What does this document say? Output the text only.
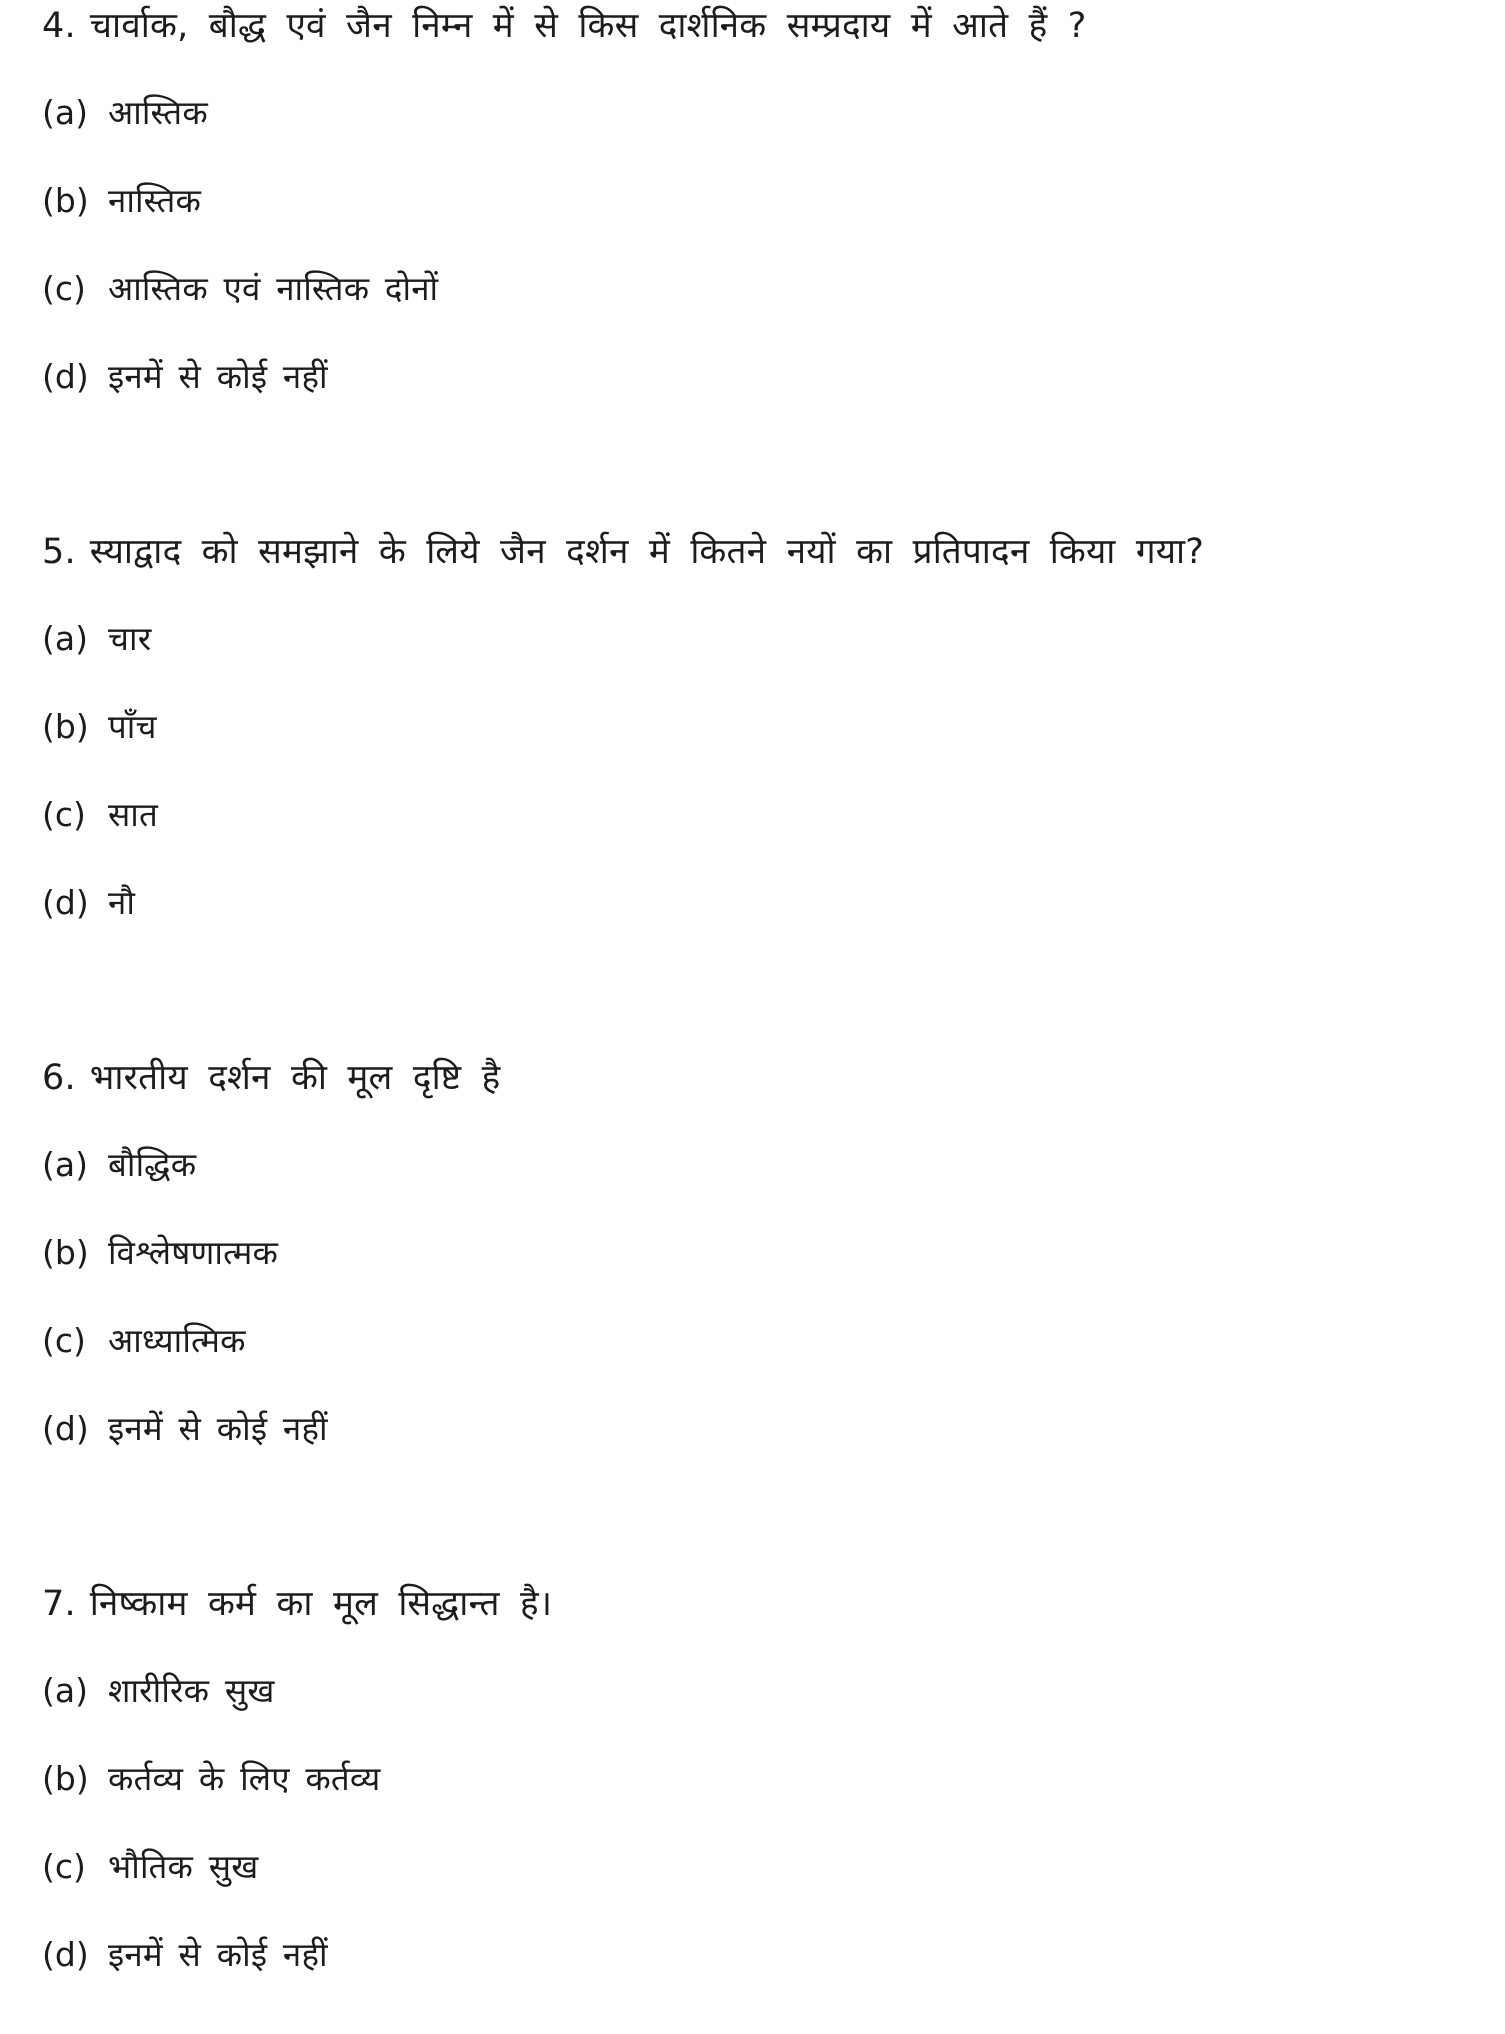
4. चार्वाक, बौद्ध एवं जैन निम्न में से किस दार्शनिक सम्प्रदाय में आते हैं ?
(a) आस्तिक
(b) नास्तिक
(c) आस्तिक एवं नास्तिक दोनों
(d) इनमें से कोई नहीं
5. स्याद्वाद को समझाने के लिये जैन दर्शन में कितने नयों का प्रतिपादन किया गया?
(a) चार
(b) पाँच
(c) सात
(d) नौ
6. भारतीय दर्शन की मूल दृष्टि है
(a) बौद्धिक
(b) विश्लेषणात्मक
(c) आध्यात्मिक
(d) इनमें से कोई नहीं
7. निष्काम कर्म का मूल सिद्धान्त है।
(a) शारीरिक सुख
(b) कर्तव्य के लिए कर्तव्य
(c) भौतिक सुख
(d) इनमें से कोई नहीं
